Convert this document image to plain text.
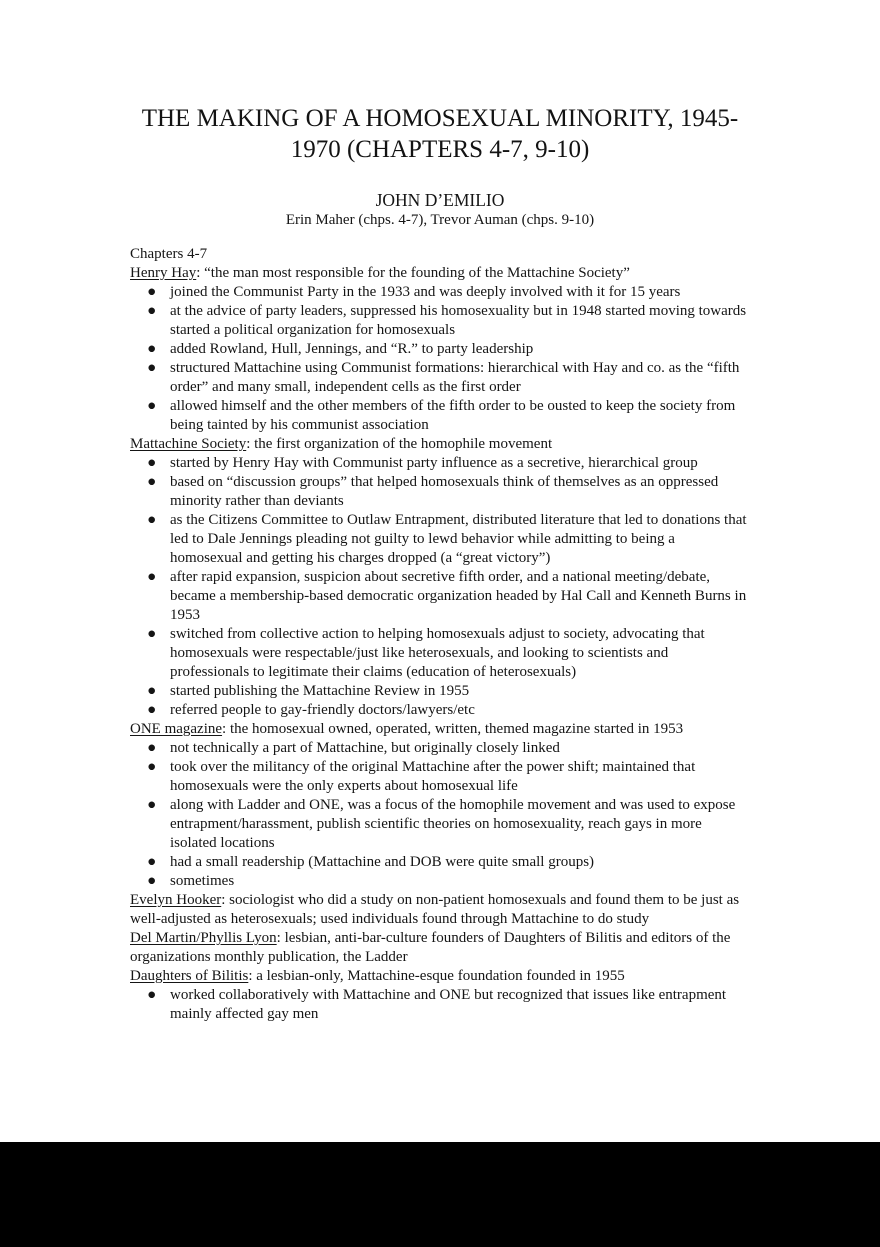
THE MAKING OF A HOMOSEXUAL MINORITY, 1945-
1970 (CHAPTERS 4-7, 9-10)
JOHN D’EMILIO
Erin Maher (chps. 4-7), Trevor Auman (chps. 9-10)
Chapters 4-7
Henry Hay: “the man most responsible for the founding of the Mattachine Society”
● joined the Communist Party in the 1933 and was deeply involved with it for 15 years
● at the advice of party leaders, suppressed his homosexuality but in 1948 started moving towards started a political organization for homosexuals
● added Rowland, Hull, Jennings, and “R.” to party leadership
● structured Mattachine using Communist formations: hierarchical with Hay and co. as the “fifth order” and many small, independent cells as the first order
● allowed himself and the other members of the fifth order to be ousted to keep the society from being tainted by his communist association
Mattachine Society: the first organization of the homophile movement
● started by Henry Hay with Communist party influence as a secretive, hierarchical group
● based on “discussion groups” that helped homosexuals think of themselves as an oppressed minority rather than deviants
● as the Citizens Committee to Outlaw Entrapment, distributed literature that led to donations that led to Dale Jennings pleading not guilty to lewd behavior while admitting to being a homosexual and getting his charges dropped (a “great victory”)
● after rapid expansion, suspicion about secretive fifth order, and a national meeting/debate, became a membership-based democratic organization headed by Hal Call and Kenneth Burns in 1953
● switched from collective action to helping homosexuals adjust to society, advocating that homosexuals were respectable/just like heterosexuals, and looking to scientists and professionals to legitimate their claims (education of heterosexuals)
● started publishing the Mattachine Review in 1955
● referred people to gay-friendly doctors/lawyers/etc
ONE magazine: the homosexual owned, operated, written, themed magazine started in 1953
● not technically a part of Mattachine, but originally closely linked
● took over the militancy of the original Mattachine after the power shift; maintained that homosexuals were the only experts about homosexual life
● along with Ladder and ONE, was a focus of the homophile movement and was used to expose entrapment/harassment, publish scientific theories on homosexuality, reach gays in more isolated locations
● had a small readership (Mattachine and DOB were quite small groups)
● sometimes
Evelyn Hooker: sociologist who did a study on non-patient homosexuals and found them to be just as well-adjusted as heterosexuals; used individuals found through Mattachine to do study
Del Martin/Phyllis Lyon: lesbian, anti-bar-culture founders of Daughters of Bilitis and editors of the organizations monthly publication, the Ladder
Daughters of Bilitis: a lesbian-only, Mattachine-esque foundation founded in 1955
● worked collaboratively with Mattachine and ONE but recognized that issues like entrapment mainly affected gay men
